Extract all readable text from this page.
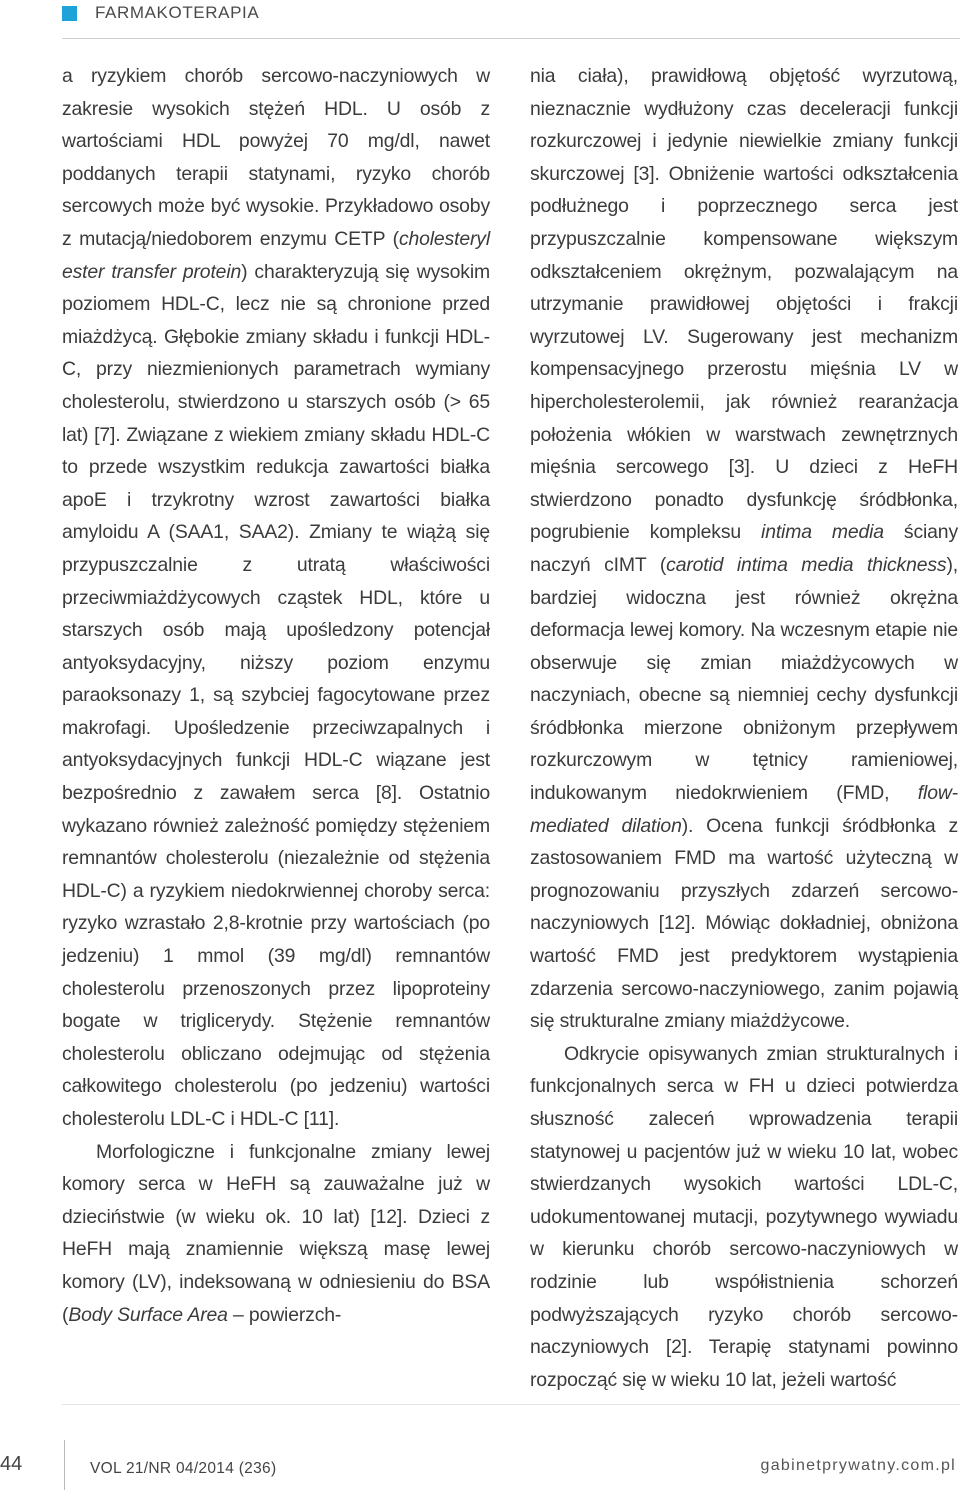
FARMAKOTERAPIA

a ryzykiem chorób sercowo-naczyniowych w zakresie wysokich stężeń HDL. U osób z wartościami HDL powyżej 70 mg/dl, nawet poddanych terapii statynami, ryzyko chorób sercowych może być wysokie. Przykładowo osoby z mutacją/niedoborem enzymu CETP (cholesteryl ester transfer protein) charakteryzują się wysokim poziomem HDL-C, lecz nie są chronione przed miażdżycą. Głębokie zmiany składu i funkcji HDL-C, przy niezmienionych parametrach wymiany cholesterolu, stwierdzono u starszych osób (> 65 lat) [7]. Związane z wiekiem zmiany składu HDL-C to przede wszystkim redukcja zawartości białka apoE i trzykrotny wzrost zawartości białka amyloidu A (SAA1, SAA2). Zmiany te wiążą się przypuszczalnie z utratą właściwości przeciwmiażdżycowych cząstek HDL, które u starszych osób mają upośledzony potencjał antyoksydacyjny, niższy poziom enzymu paraoksonazy 1, są szybciej fagocytowane przez makrofagi. Upośledzenie przeciwzapalnych i antyoksydacyjnych funkcji HDL-C wiązane jest bezpośrednio z zawałem serca [8]. Ostatnio wykazano również zależność pomiędzy stężeniem remnantów cholesterolu (niezależnie od stężenia HDL-C) a ryzykiem niedokrwiennej choroby serca: ryzyko wzrastało 2,8-krotnie przy wartościach (po jedzeniu) 1 mmol (39 mg/dl) remnantów cholesterolu przenoszonych przez lipoproteiny bogate w triglicerydy. Stężenie remnantów cholesterolu obliczano odejmując od stężenia całkowitego cholesterolu (po jedzeniu) wartości cholesterolu LDL-C i HDL-C [11].

Morfologiczne i funkcjonalne zmiany lewej komory serca w HeFH są zauważalne już w dzieciństwie (w wieku ok. 10 lat) [12]. Dzieci z HeFH mają znamiennie większą masę lewej komory (LV), indeksowaną w odniesieniu do BSA (Body Surface Area – powierzch-

nia ciała), prawidłową objętość wyrzutową, nieznacznie wydłużony czas deceleracji funkcji rozkurczowej i jedynie niewielkie zmiany funkcji skurczowej [3]. Obniżenie wartości odkształcenia podłużnego i poprzecznego serca jest przypuszczalnie kompensowane większym odkształceniem okrężnym, pozwalającym na utrzymanie prawidłowej objętości i frakcji wyrzutowej LV. Sugerowany jest mechanizm kompensacyjnego przerostu mięśnia LV w hipercholesterolemii, jak również rearanżacja położenia włókien w warstwach zewnętrznych mięśnia sercowego [3]. U dzieci z HeFH stwierdzono ponadto dysfunkcję śródbłonka, pogrubienie kompleksu intima media ściany naczyń cIMT (carotid intima media thickness), bardziej widoczna jest również okrężna deformacja lewej komory. Na wczesnym etapie nie obserwuje się zmian miażdżycowych w naczyniach, obecne są niemniej cechy dysfunkcji śródbłonka mierzone obniżonym przepływem rozkurczowym w tętnicy ramieniowej, indukowanym niedokrwieniem (FMD, flow-mediated dilation). Ocena funkcji śródbłonka z zastosowaniem FMD ma wartość użyteczną w prognozowaniu przyszłych zdarzeń sercowo-naczyniowych [12]. Mówiąc dokładniej, obniżona wartość FMD jest predyktorem wystąpienia zdarzenia sercowo-naczyniowego, zanim pojawią się strukturalne zmiany miażdżycowe.

Odkrycie opisywanych zmian strukturalnych i funkcjonalnych serca w FH u dzieci potwierdza słuszność zaleceń wprowadzenia terapii statynowej u pacjentów już w wieku 10 lat, wobec stwierdzanych wysokich wartości LDL-C, udokumentowanej mutacji, pozytywnego wywiadu w kierunku chorób sercowo-naczyniowych w rodzinie lub współistnienia schorzeń podwyższających ryzyko chorób sercowo-naczyniowych [2]. Terapię statynami powinno rozpocząć się w wieku 10 lat, jeżeli wartość

44	VOL 21/NR 04/2014 (236)	gabinetprywatny.com.pl
